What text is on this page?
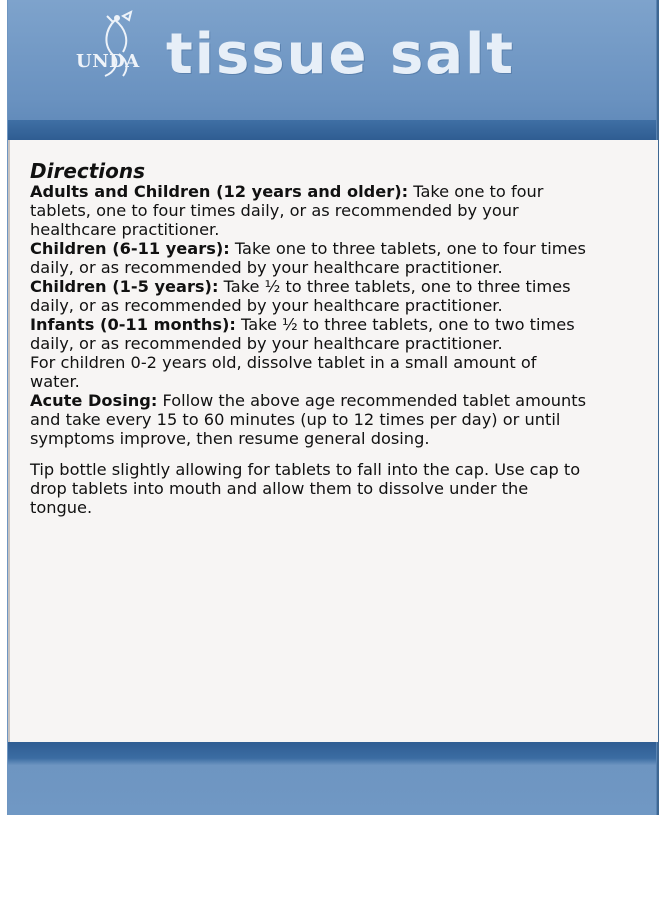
UNDA tissue salt
Directions

Adults and Children (12 years and older): Take one to four tablets, one to four times daily, or as recommended by your healthcare practitioner.

Children (6-11 years): Take one to three tablets, one to four times daily, or as recommended by your healthcare practitioner.

Children (1-5 years): Take ½ to three tablets, one to three times daily, or as recommended by your healthcare practitioner.

Infants (0-11 months): Take ½ to three tablets, one to two times daily, or as recommended by your healthcare practitioner.

For children 0-2 years old, dissolve tablet in a small amount of water.

Acute Dosing: Follow the above age recommended tablet amounts and take every 15 to 60 minutes (up to 12 times per day) or until symptoms improve, then resume general dosing.

Tip bottle slightly allowing for tablets to fall into the cap. Use cap to drop tablets into mouth and allow them to dissolve under the tongue.
